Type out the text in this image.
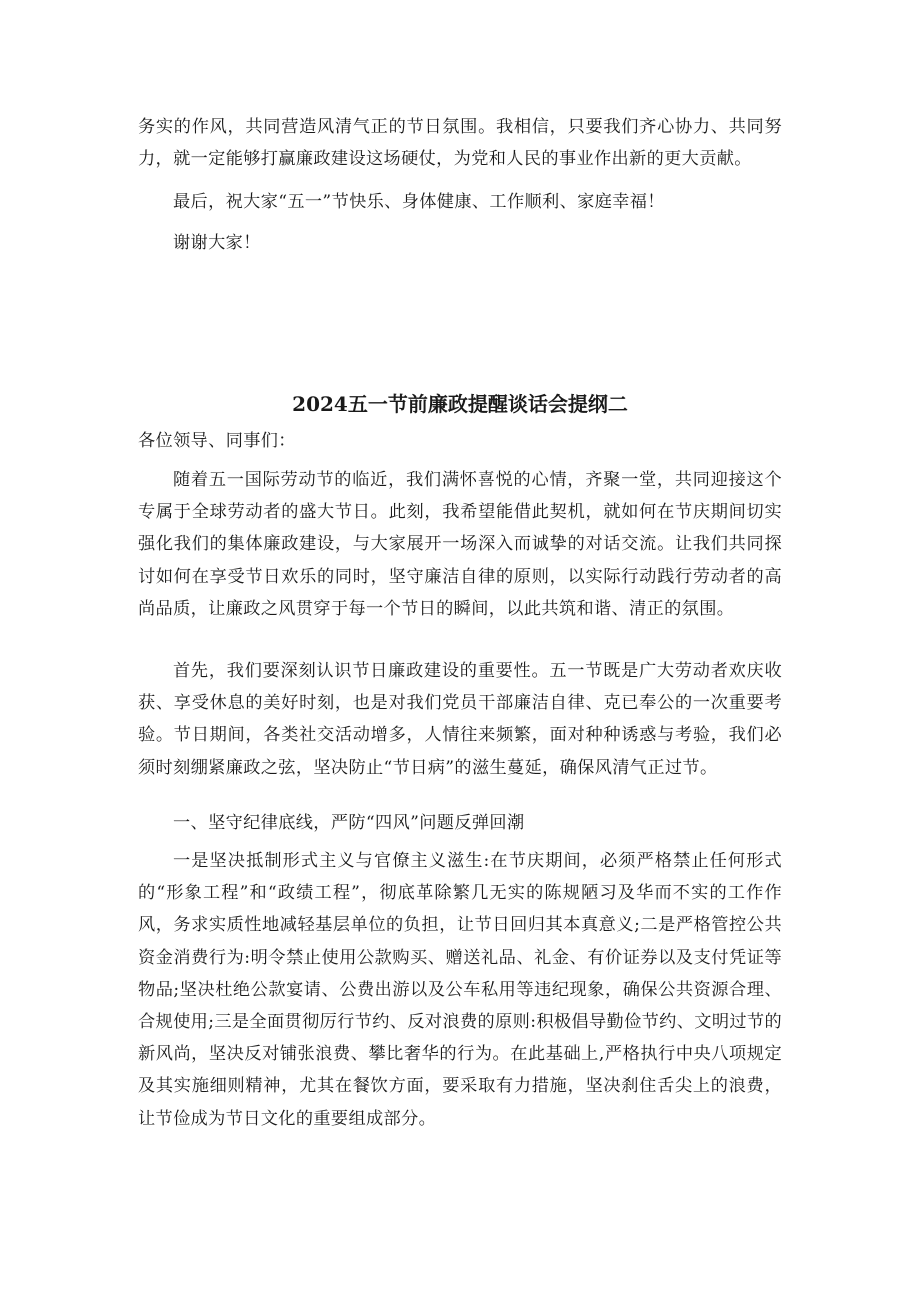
务实的作风，共同营造风清气正的节日氛围。我相信，只要我们齐心协力、共同努力，就一定能够打赢廉政建设这场硬仗，为党和人民的事业作出新的更大贡献。

最后，祝大家“五一”节快乐、身体健康、工作顺利、家庭幸福！

谢谢大家！

2024五一节前廉政提醒谈话会提纲二

各位领导、同事们：

随着五一国际劳动节的临近，我们满怀喜悦的心情，齐聚一堂，共同迎接这个专属于全球劳动者的盛大节日。此刻，我希望能借此契机，就如何在节庆期间切实强化我们的集体廉政建设，与大家展开一场深入而诚挚的对话交流。让我们共同探讨如何在享受节日欢乐的同时，坚守廉洁自律的原则，以实际行动践行劳动者的高尚品质，让廉政之风贯穿于每一个节日的瞬间，以此共筑和谐、清正的氛围。

首先，我们要深刻认识节日廉政建设的重要性。五一节既是广大劳动者欢庆收获、享受休息的美好时刻，也是对我们党员干部廉洁自律、克已奉公的一次重要考验。节日期间，各类社交活动增多，人情往来频繁，面对种种诱惑与考验，我们必须时刻绷紧廉政之弦，坚决防止“节日病”的滋生蔓延，确保风清气正过节。

一、坚守纪律底线，严防“四风”问题反弹回潮

一是坚决抵制形式主义与官僚主义滋生:在节庆期间，必须严格禁止任何形式的“形象工程”和“政绩工程”，彻底革除繁几无实的陈规陋习及华而不实的工作作风，务求实质性地减轻基层单位的负担，让节日回归其本真意义;二是严格管控公共资金消费行为:明令禁止使用公款购买、赠送礼品、礼金、有价证券以及支付凭证等物品;坚决杜绝公款宴请、公费出游以及公车私用等违纪现象，确保公共资源合理、合规使用;三是全面贯彻厉行节约、反对浪费的原则:积极倡导勤俭节约、文明过节的新风尚，坚决反对铺张浪费、攀比奢华的行为。在此基础上,严格执行中央八项规定及其实施细则精神，尤其在餐饮方面，要采取有力措施，坚决刹住舌尖上的浪费，让节俭成为节日文化的重要组成部分。
